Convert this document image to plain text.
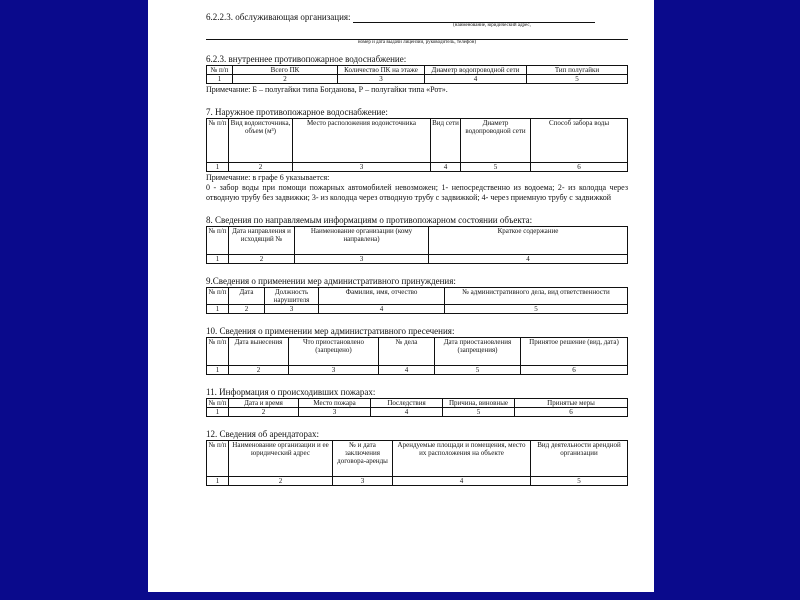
6.2.2.3. обслуживающая организация:
(наименование, юридический адрес,
номер и дата выдачи лицензии, руководитель, телефон)
6.2.3. внутреннее противопожарное водоснабжение:
№ п/п	Всего ПК	Количество ПК на этаже	Диаметр водопроводной сети	Тип полугайки
1	2	3	4	5
Примечание: Б – полугайки типа Богданова, Р – полугайки типа «Рот».
7. Наружное противопожарное водоснабжение:
№ п/п	Вид водоисточника, объем (м³)	Место расположения водоисточника	Вид сети	Диаметр водопроводной сети	Способ забора воды
1	2	3	4	5	6
Примечание: в графе 6 указывается:
0 - забор воды при помощи пожарных автомобилей невозможен; 1- непосредственно из водоема; 2- из колодца через отводную трубу без задвижки; 3- из колодца через отводную трубу с задвижкой; 4- через приемную трубу с задвижкой
8. Сведения по направляемым информациям о противопожарном состоянии объекта:
№ п/п	Дата направления и исходящий №	Наименование организации (кому направлена)	Краткое содержание
1	2	3	4
9.Сведения о применении мер административного принуждения:
№ п/п	Дата	Должность нарушителя	Фамилия, имя, отчество	№ административного дела, вид ответственности
1	2	3	4	5
10. Сведения о применении мер административного пресечения:
№ п/п	Дата вынесения	Что приостановлено (запрещено)	№ дела	Дата приостановления (запрещения)	Принятое решение (вид, дата)
1	2	3	4	5	6
11. Информация о происходивших пожарах:
№ п/п	Дата и время	Место пожара	Последствия	Причина, виновные	Принятые меры
1	2	3	4	5	6
12. Сведения об арендаторах:
№ п/п	Наименование организации и ее юридический адрес	№ и дата заключения договора-аренды	Арендуемые площади и помещения, место их расположения на объекте	Вид деятельности арендной организации
1	2	3	4	5
